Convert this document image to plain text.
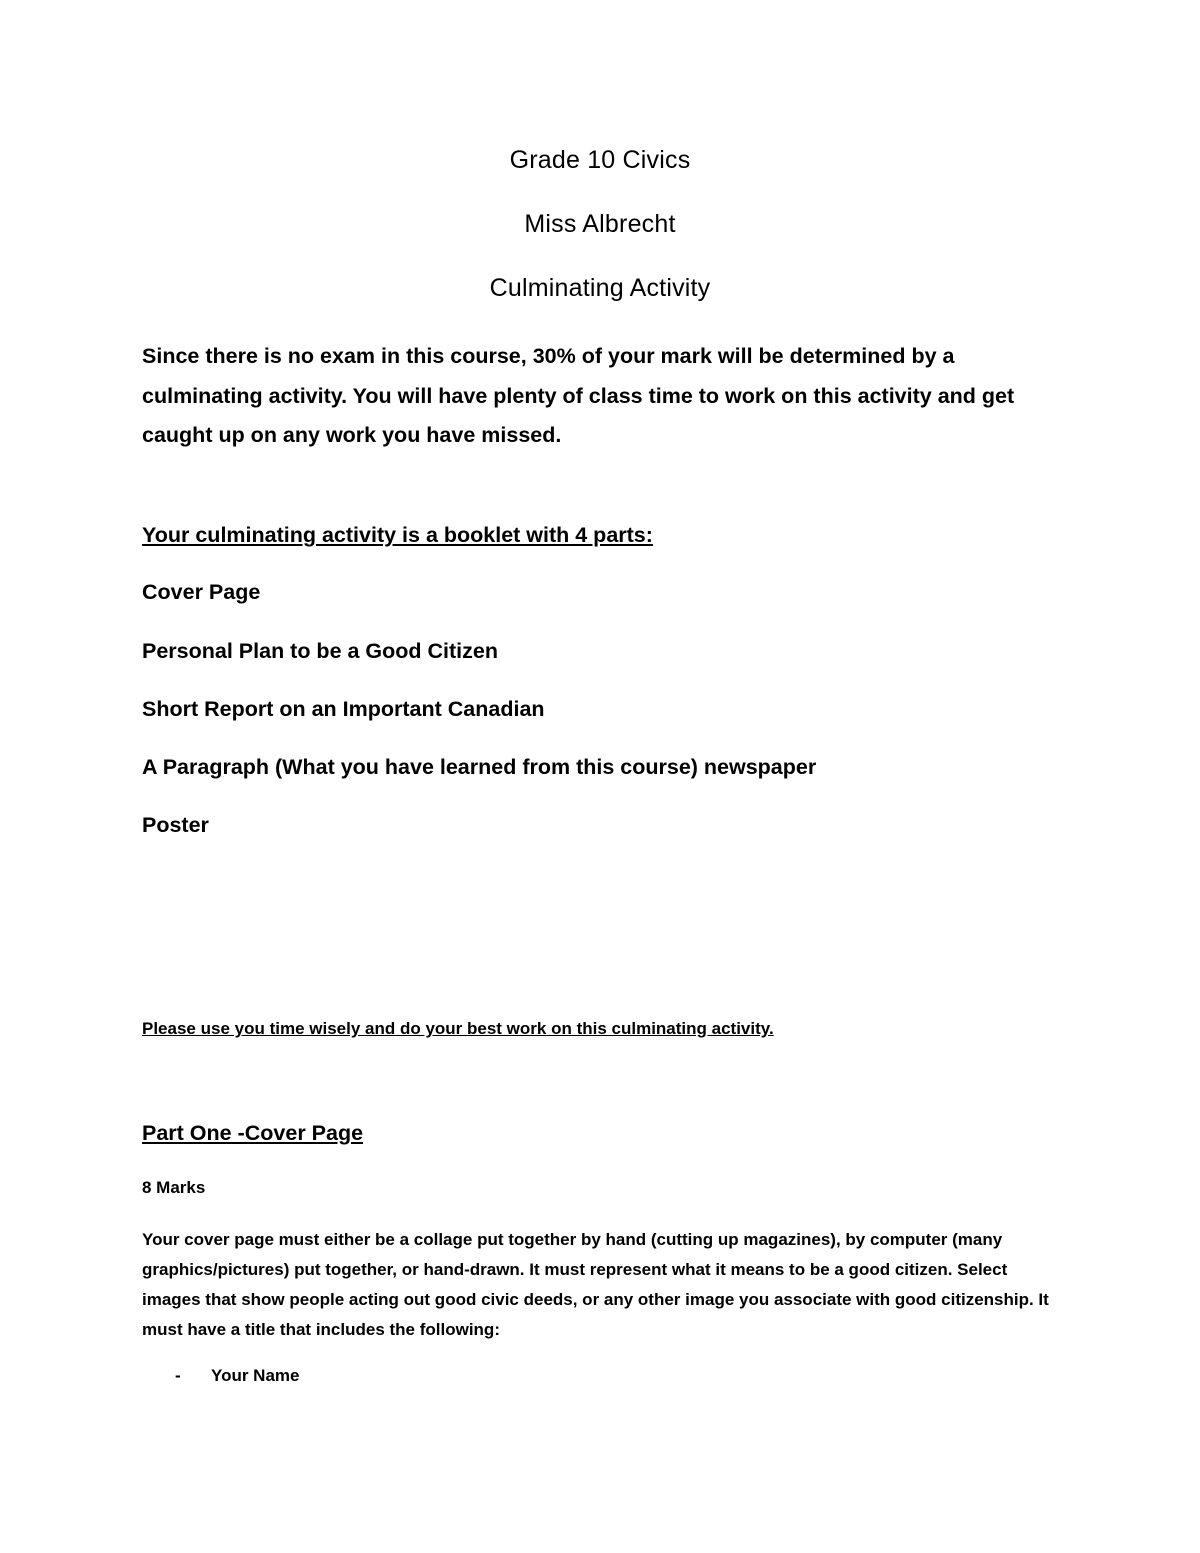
Grade 10 Civics
Miss Albrecht
Culminating Activity

Since there is no exam in this course, 30% of your mark will be determined by a culminating activity. You will have plenty of class time to work on this activity and get caught up on any work you have missed.

Your culminating activity is a booklet with 4 parts:
Cover Page
Personal Plan to be a Good Citizen
Short Report on an Important Canadian
A Paragraph (What you have learned from this course) newspaper
Poster
Please use you time wisely and do your best work on this culminating activity.
Part One -Cover Page
8 Marks

Your cover page must either be a collage put together by hand (cutting up magazines), by computer (many graphics/pictures) put together, or hand-drawn. It must represent what it means to be a good citizen. Select images that show people acting out good civic deeds, or any other image you associate with good citizenship. It must have a title that includes the following:

- Your Name
